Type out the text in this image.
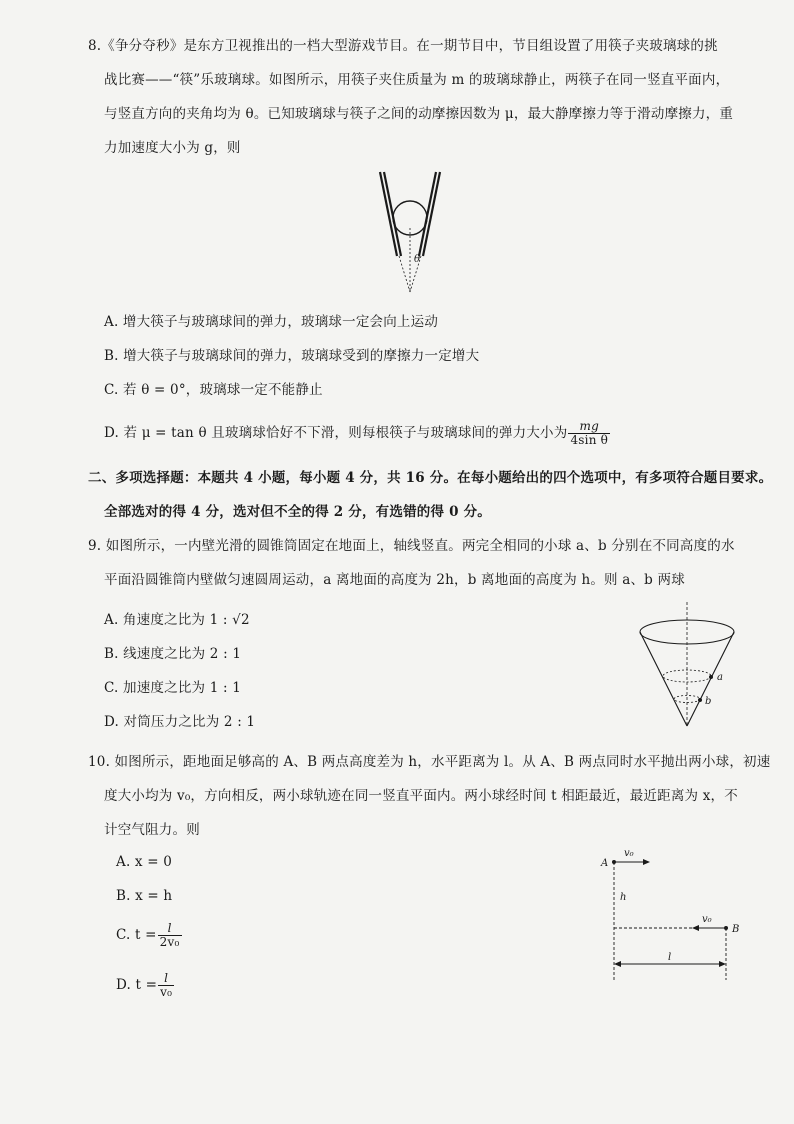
8.《争分夺秒》是东方卫视推出的一档大型游戏节目。在一期节目中，节目组设置了用筷子夹玻璃球的挑
战比赛——“筷”乐玻璃球。如图所示，用筷子夹住质量为 m 的玻璃球静止，两筷子在同一竖直平面内，
与竖直方向的夹角均为 θ。已知玻璃球与筷子之间的动摩擦因数为 μ，最大静摩擦力等于滑动摩擦力，重
力加速度大小为 g，则
θ
A. 增大筷子与玻璃球间的弹力，玻璃球一定会向上运动
B. 增大筷子与玻璃球间的弹力，玻璃球受到的摩擦力一定增大
C. 若 θ = 0°，玻璃球一定不能静止
D. 若 μ = tan θ 且玻璃球恰好不下滑，则每根筷子与玻璃球间的弹力大小为 $\frac{mg}{\text{4sin θ}}$
二、多项选择题：本题共 4 小题，每小题 4 分，共 16 分。在每小题给出的四个选项中，有多项符合题目要求。
全部选对的得 4 分，选对但不全的得 2 分，有选错的得 0 分。
9. 如图所示，一内壁光滑的圆锥筒固定在地面上，轴线竖直。两完全相同的小球 a、b 分别在不同高度的水
平面沿圆锥筒内壁做匀速圆周运动，a 离地面的高度为 2h，b 离地面的高度为 h。则 a、b 两球
A. 角速度之比为 1 : √2
B. 线速度之比为 2 : 1
C. 加速度之比为 1 : 1
D. 对筒压力之比为 2 : 1
a
b
10. 如图所示，距地面足够高的 A、B 两点高度差为 h，水平距离为 l。从 A、B 两点同时水平抛出两小球，初速
度大小均为 v₀，方向相反，两小球轨迹在同一竖直平面内。两小球经时间 t 相距最近，最近距离为 x，不
计空气阻力。则
A. x = 0
B. x = h
C. $t = \frac{l}{\text{2v₀}}$
D. $t = \frac{l}{\text{v₀}}$
A
B
h
l
v₀
v₀
